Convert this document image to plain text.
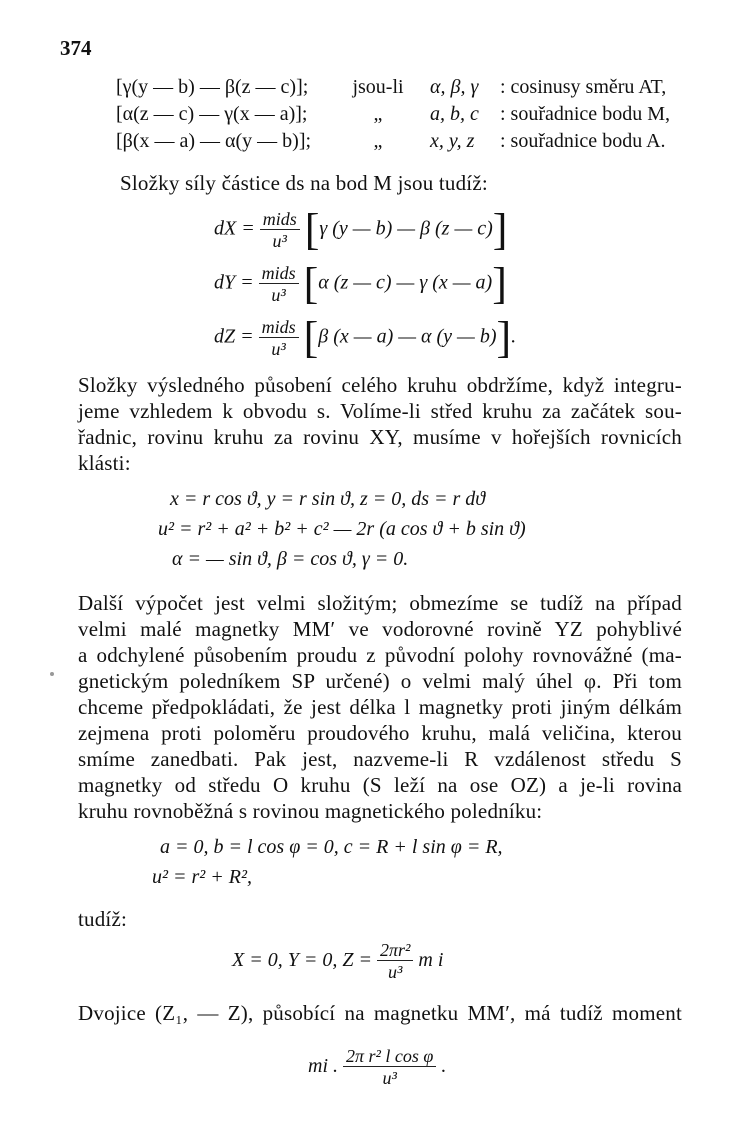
374
[γ(y — b) — β(z — c)];
[α(z — c) — γ(x — a)];
[β(x — a) — α(y — b)];
jsou-li
„
„
α, β, γ
a, b, c
x, y, z
: cosinusy směru AT,
: souřadnice bodu M,
: souřadnice bodu A.
Složky síly částice ds na bod M jsou tudíž:
dX = $\frac{\text{mids}}{\text{u³}} [\gamma$ (y — b) — β (z — c)]
dY = $\frac{\text{mids}}{\text{u³}} [\alpha$ (z — c) — γ (x — a)]
dZ = $\frac{\text{mids}}{\text{u³}} [\beta$ (x — a) — α (y — b)].
Složky výsledného působení celého kruhu obdržíme, když integru-
jeme vzhledem k obvodu s. Volíme-li střed kruhu za začátek sou-
řadnic, rovinu kruhu za rovinu XY, musíme v hořejších rovnicích
klásti:
x = r cos ϑ, y = r sin ϑ, z = 0, ds = r dϑ
u² = r² + a² + b² + c² — 2r (a cos ϑ + b sin ϑ)
α = — sin ϑ, β = cos ϑ, γ = 0.
Další výpočet jest velmi složitým; obmezíme se tudíž na případ
velmi malé magnetky MM′ ve vodorovné rovině YZ pohyblivé
a odchylené působením proudu z původní polohy rovnovážné (ma-
gnetickým poledníkem SP určené) o velmi malý úhel φ. Při tom
chceme předpokládati, že jest délka l magnetky proti jiným délkám
zejmena proti poloměru proudového kruhu, malá veličina, kterou
smíme zanedbati. Pak jest, nazveme-li R vzdálenost středu S
magnetky od středu O kruhu (S leží na ose OZ) a je-li rovina
kruhu rovnoběžná s rovinou magnetického poledníku:
a = 0, b = l cos φ = 0, c = R + l sin φ = R,
u² = r² + R²,
tudíž:
X = 0, Y = 0, $Z = \frac{\text{2πr²}}{\text{u³}}$ m i
Dvojice (Z₁, — Z), působící na magnetku MM′, má tudíž moment
mi . $\frac{\text{2π r² l cos φ}}{\text{u³}}$ .
